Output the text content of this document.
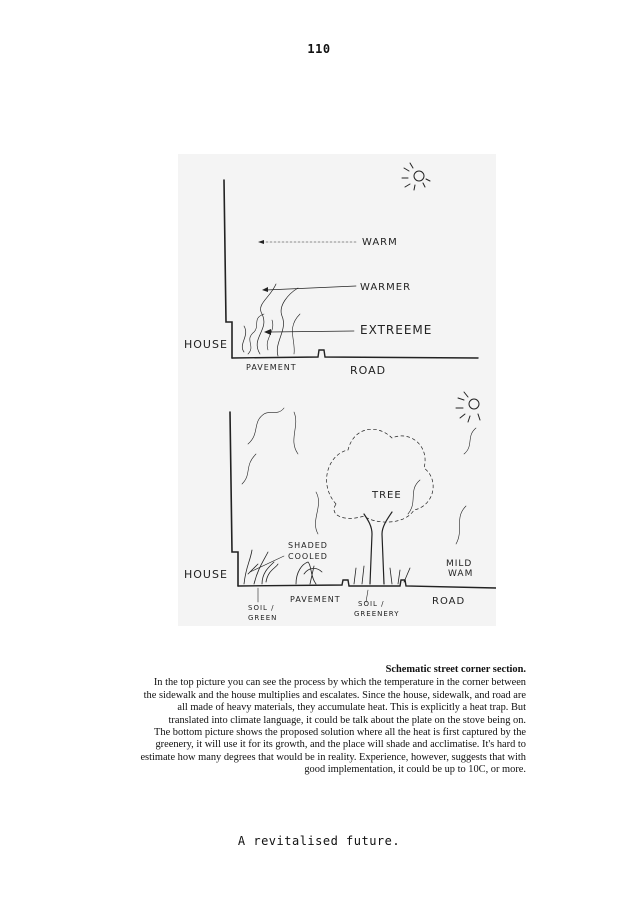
110
WARM
WARMER
EXTREEME
HOUSE
PAVEMENT	ROAD
TREE
SHADED
COOLED
MILD
WAM
HOUSE
PAVEMENT	ROAD
SOIL /
GREEN
SOIL /
GREENERY
Schematic street corner section.

In the top picture you can see the process by which the temperature in the corner between the sidewalk and the house multiplies and escalates. Since the house, sidewalk, and road are all made of heavy materials, they accumulate heat. This is explicitly a heat trap. But translated into climate language, it could be talk about the plate on the stove being on.

The bottom picture shows the proposed solution where all the heat is first captured by the greenery, it will use it for its growth, and the place will shade and acclimatise. It's hard to estimate how many degrees that would be in reality. Experience, however, suggests that with good implementation, it could be up to 10C, or more.

A revitalised future.
